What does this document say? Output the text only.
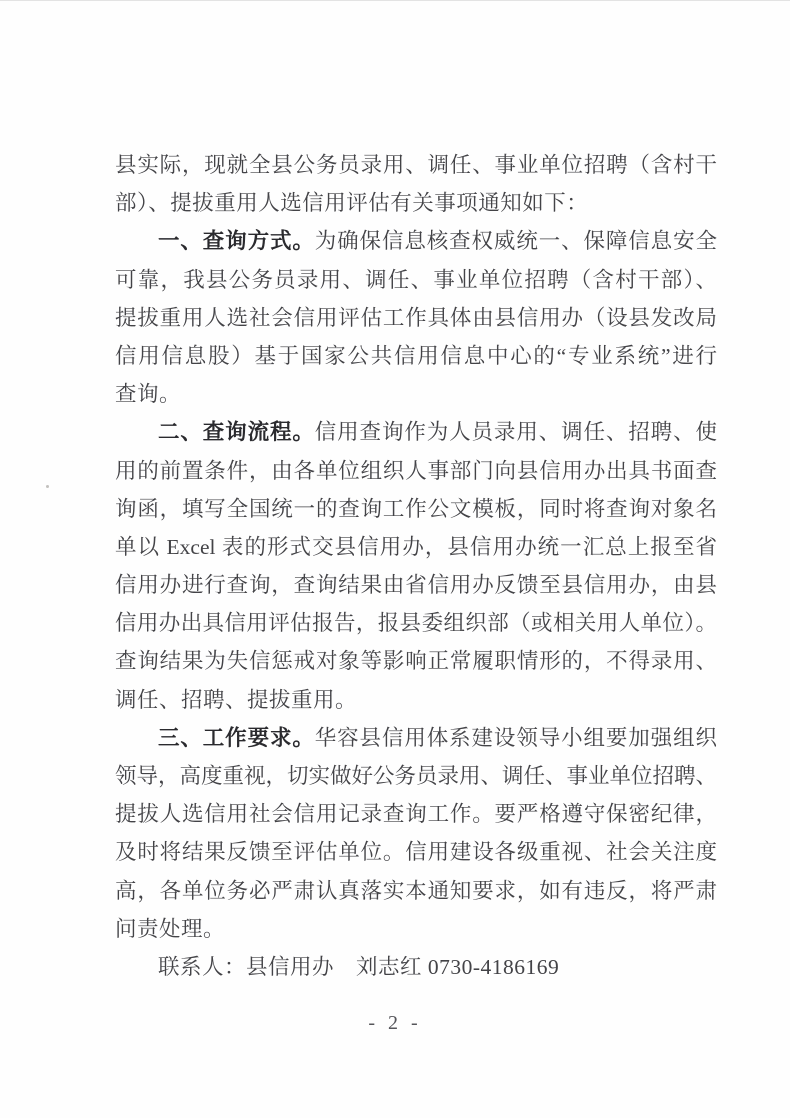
县实际，现就全县公务员录用、调任、事业单位招聘（含村干
部）、提拔重用人选信用评估有关事项通知如下：
一、查询方式。为确保信息核查权威统一、保障信息安全
可靠，我县公务员录用、调任、事业单位招聘（含村干部）、
提拔重用人选社会信用评估工作具体由县信用办（设县发改局
信用信息股）基于国家公共信用信息中心的“专业系统”进行
查询。
二、查询流程。信用查询作为人员录用、调任、招聘、使
用的前置条件，由各单位组织人事部门向县信用办出具书面查
询函，填写全国统一的查询工作公文模板，同时将查询对象名
单以 Excel 表的形式交县信用办，县信用办统一汇总上报至省
信用办进行查询，查询结果由省信用办反馈至县信用办，由县
信用办出具信用评估报告，报县委组织部（或相关用人单位）。
查询结果为失信惩戒对象等影响正常履职情形的，不得录用、
调任、招聘、提拔重用。
三、工作要求。华容县信用体系建设领导小组要加强组织
领导，高度重视，切实做好公务员录用、调任、事业单位招聘、
提拔人选信用社会信用记录查询工作。要严格遵守保密纪律，
及时将结果反馈至评估单位。信用建设各级重视、社会关注度
高，各单位务必严肃认真落实本通知要求，如有违反，将严肃
问责处理。
联系人：县信用办　刘志红 0730-4186169
- 2 -
